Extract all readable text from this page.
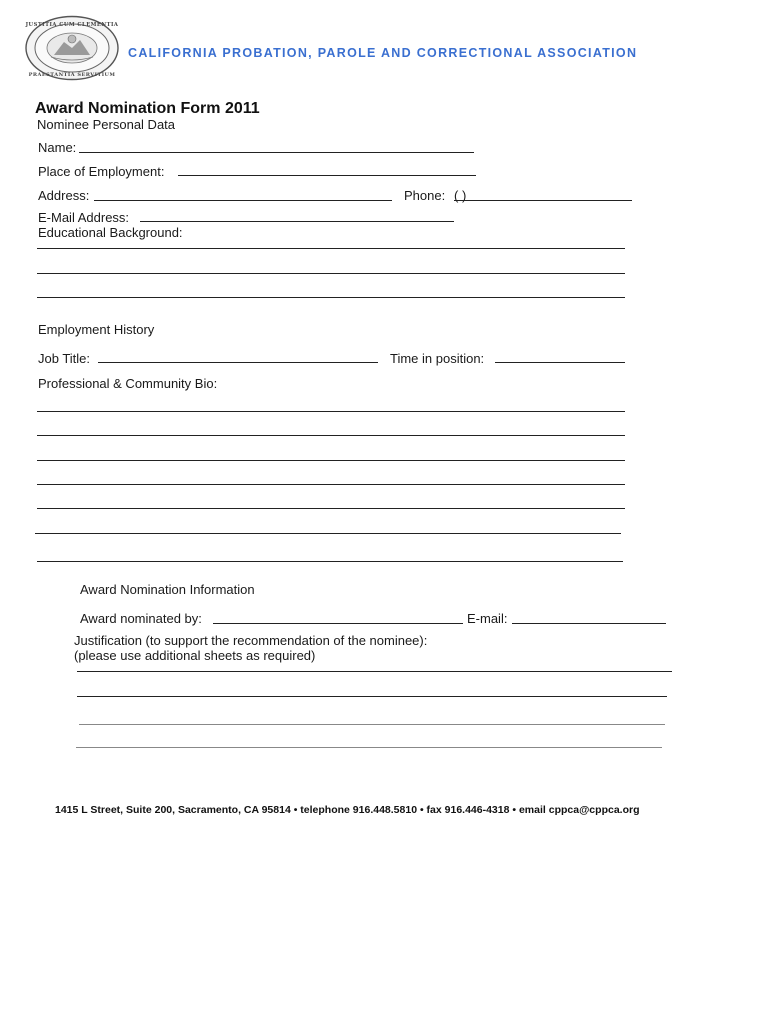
JUSTITIA CUM CLEMENTIA
PRAESTANTIA SERVITIUM
CALIFORNIA PROBATION, PAROLE AND CORRECTIONAL ASSOCIATION
Award Nomination Form 2011
Nominee Personal Data
Name:
Place of Employment:
Address:	Phone: ( )
E-Mail Address:
Educational Background:
Employment History
Job Title:	Time in position:
Professional & Community Bio:
Award Nomination Information
Award nominated by:	E-mail:
Justification (to support the recommendation of the nominee):
(please use additional sheets as required)
1415 L Street, Suite 200, Sacramento, CA 95814 • telephone 916.448.5810 • fax 916.446-4318 • email cppca@cppca.org
